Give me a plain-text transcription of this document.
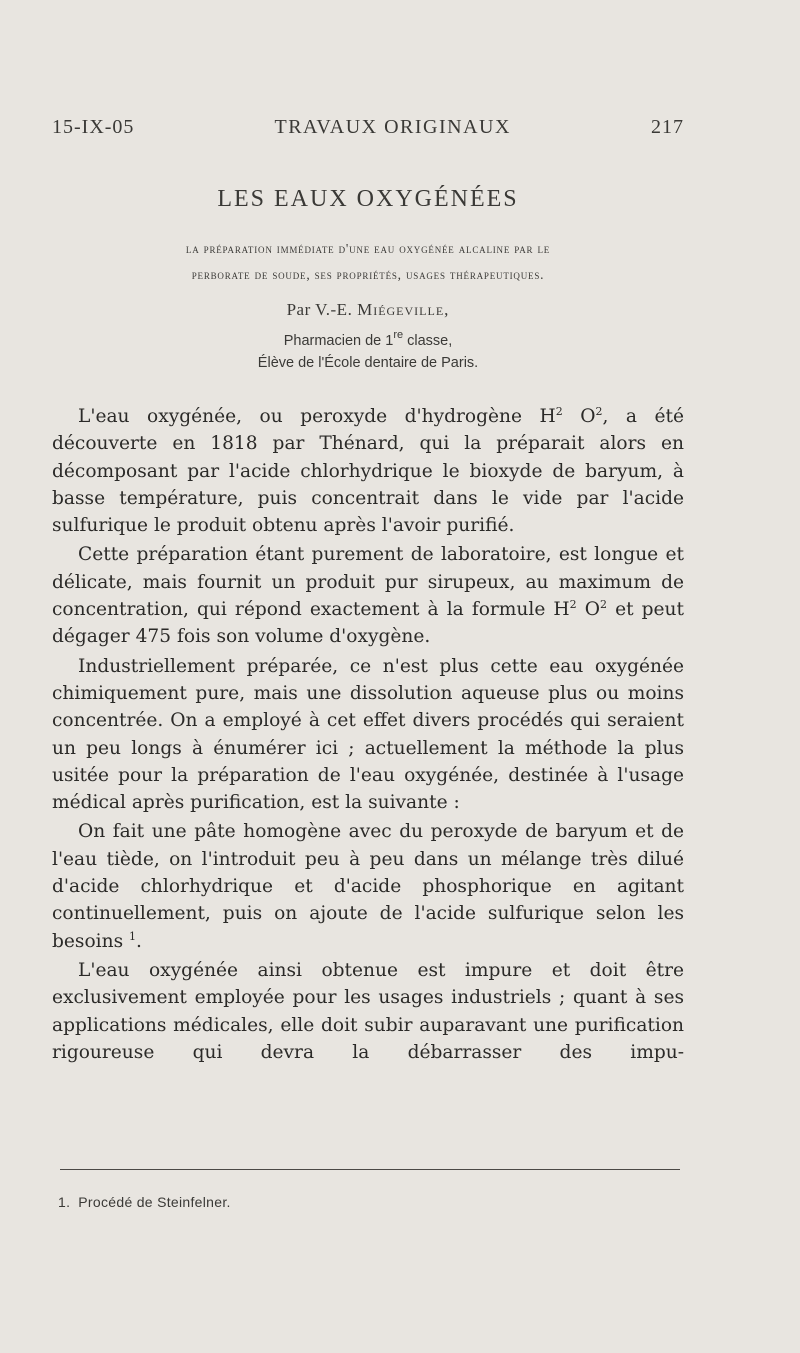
15-IX-05	TRAVAUX ORIGINAUX	217
LES EAUX OXYGÉNÉES
la préparation immédiate d'une eau oxygénée alcaline par le
perborate de soude, ses propriétés, usages thérapeutiques.
Par V.-E. Miégeville,
Pharmacien de 1re classe,
Élève de l'École dentaire de Paris.

L'eau oxygénée, ou peroxyde d'hydrogène $H^2$ $O^2$, a été découverte en 1818 par Thénard, qui la préparait alors en décomposant par l'acide chlorhydrique le bioxyde de baryum, à basse température, puis concentrait dans le vide par l'acide sulfurique le produit obtenu après l'avoir purifié.

Cette préparation étant purement de laboratoire, est longue et délicate, mais fournit un produit pur sirupeux, au maximum de concentration, qui répond exactement à la formule $H^2$ $O^2$ et peut dégager 475 fois son volume d'oxygène.

Industriellement préparée, ce n'est plus cette eau oxygénée chimiquement pure, mais une dissolution aqueuse plus ou moins concentrée. On a employé à cet effet divers procédés qui seraient un peu longs à énumérer ici ; actuellement la méthode la plus usitée pour la préparation de l'eau oxygénée, destinée à l'usage médical après purification, est la suivante :

On fait une pâte homogène avec du peroxyde de baryum et de l'eau tiède, on l'introduit peu à peu dans un mélange très dilué d'acide chlorhydrique et d'acide phosphorique en agitant continuellement, puis on ajoute de l'acide sulfurique selon les besoins $^1$.

L'eau oxygénée ainsi obtenue est impure et doit être exclusivement employée pour les usages industriels ; quant à ses applications médicales, elle doit subir auparavant une purification rigoureuse qui devra la débarrasser des impu-

1. Procédé de Steinfelner.
